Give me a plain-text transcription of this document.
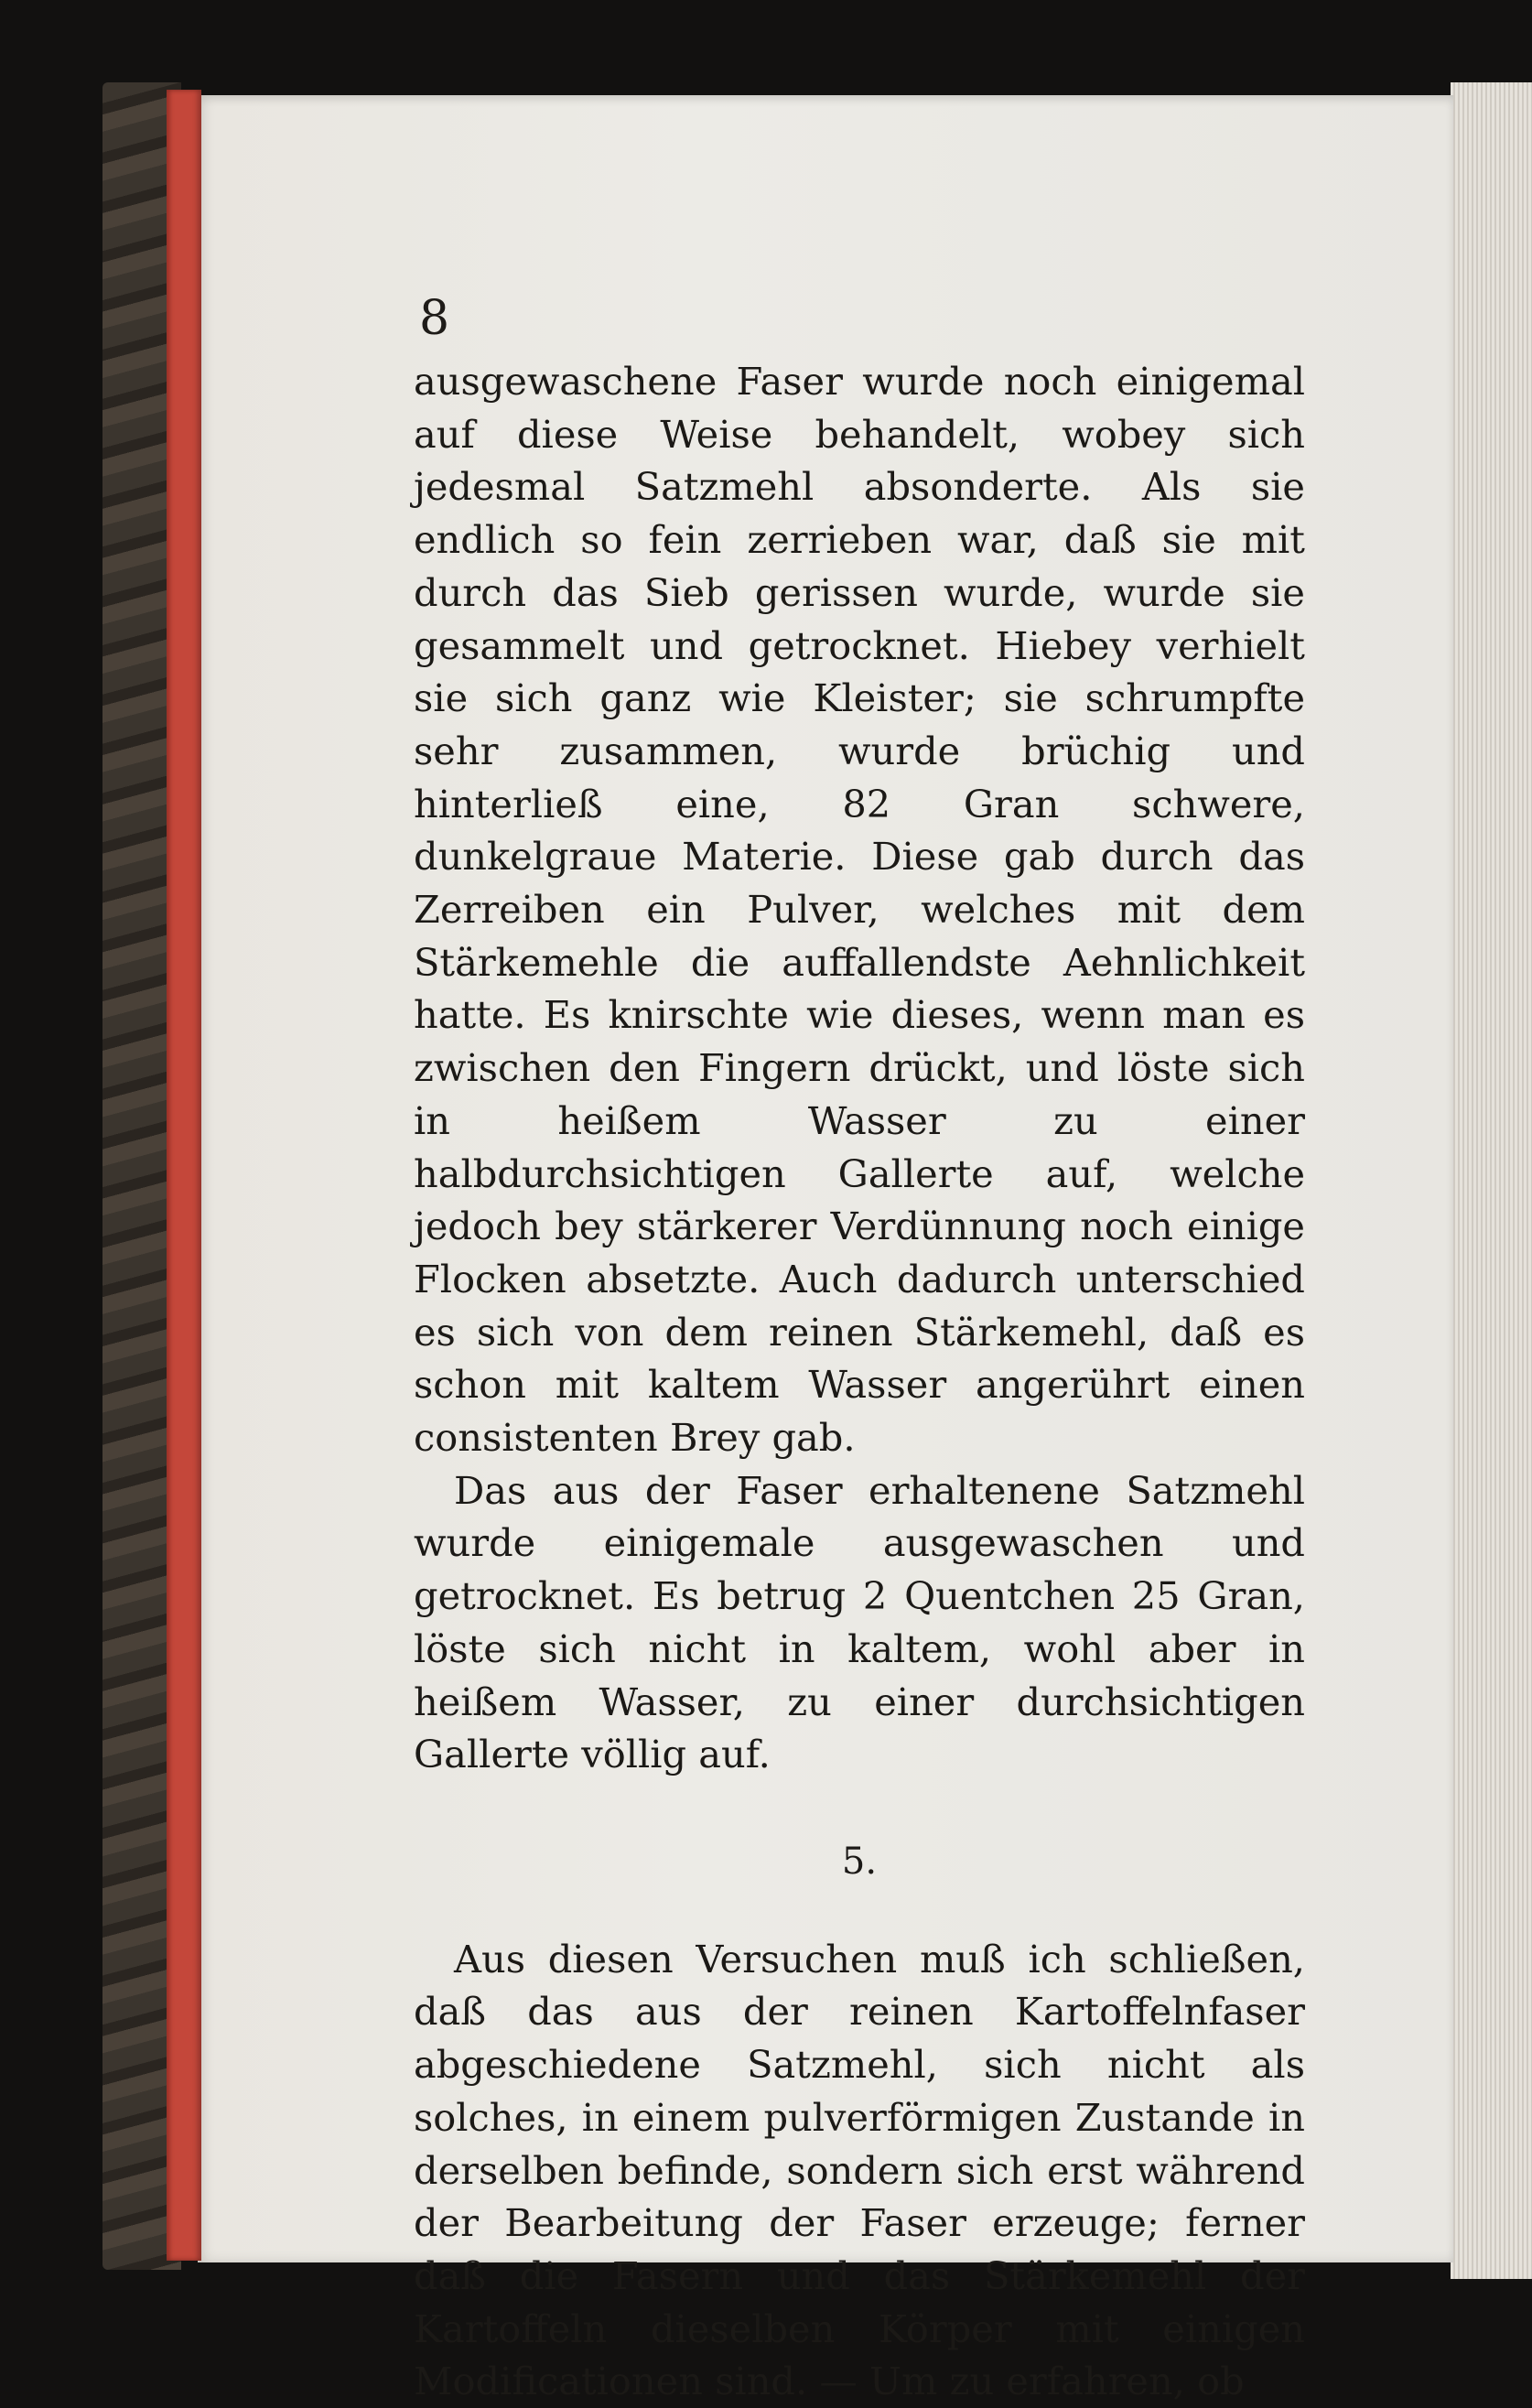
8

ausgewaschene Faser wurde noch einigemal auf diese Weise behandelt, wobey sich jedesmal Satzmehl absonderte. Als sie endlich so fein zerrieben war, daß sie mit durch das Sieb gerissen wurde, wurde sie gesammelt und getrocknet. Hiebey verhielt sie sich ganz wie Kleister; sie schrumpfte sehr zusammen, wurde brüchig und hinterließ eine, 82 Gran schwere, dunkelgraue Materie. Diese gab durch das Zerreiben ein Pulver, welches mit dem Stärkemehle die auffallendste Aehnlichkeit hatte. Es knirschte wie dieses, wenn man es zwischen den Fingern drückt, und löste sich in heißem Wasser zu einer halbdurchsichtigen Gallerte auf, welche jedoch bey stärkerer Verdünnung noch einige Flocken absetzte. Auch dadurch unterschied es sich von dem reinen Stärkemehl, daß es schon mit kaltem Wasser angerührt einen consistenten Brey gab.

Das aus der Faser erhaltenene Satzmehl wurde einigemale ausgewaschen und getrocknet. Es betrug 2 Quentchen 25 Gran, löste sich nicht in kaltem, wohl aber in heißem Wasser, zu einer durchsichtigen Gallerte völlig auf.

5.

Aus diesen Versuchen muß ich schließen, daß das aus der reinen Kartoffelnfaser abgeschiedene Satzmehl, sich nicht als solches, in einem pulverförmigen Zustande in derselben befinde, sondern sich erst während der Bearbeitung der Faser erzeuge; ferner daß die Fasern und das Stärkemehl der Kartoffeln dieselben Körper mit einigen Modificationen sind. — Um zu erfahren, ob
